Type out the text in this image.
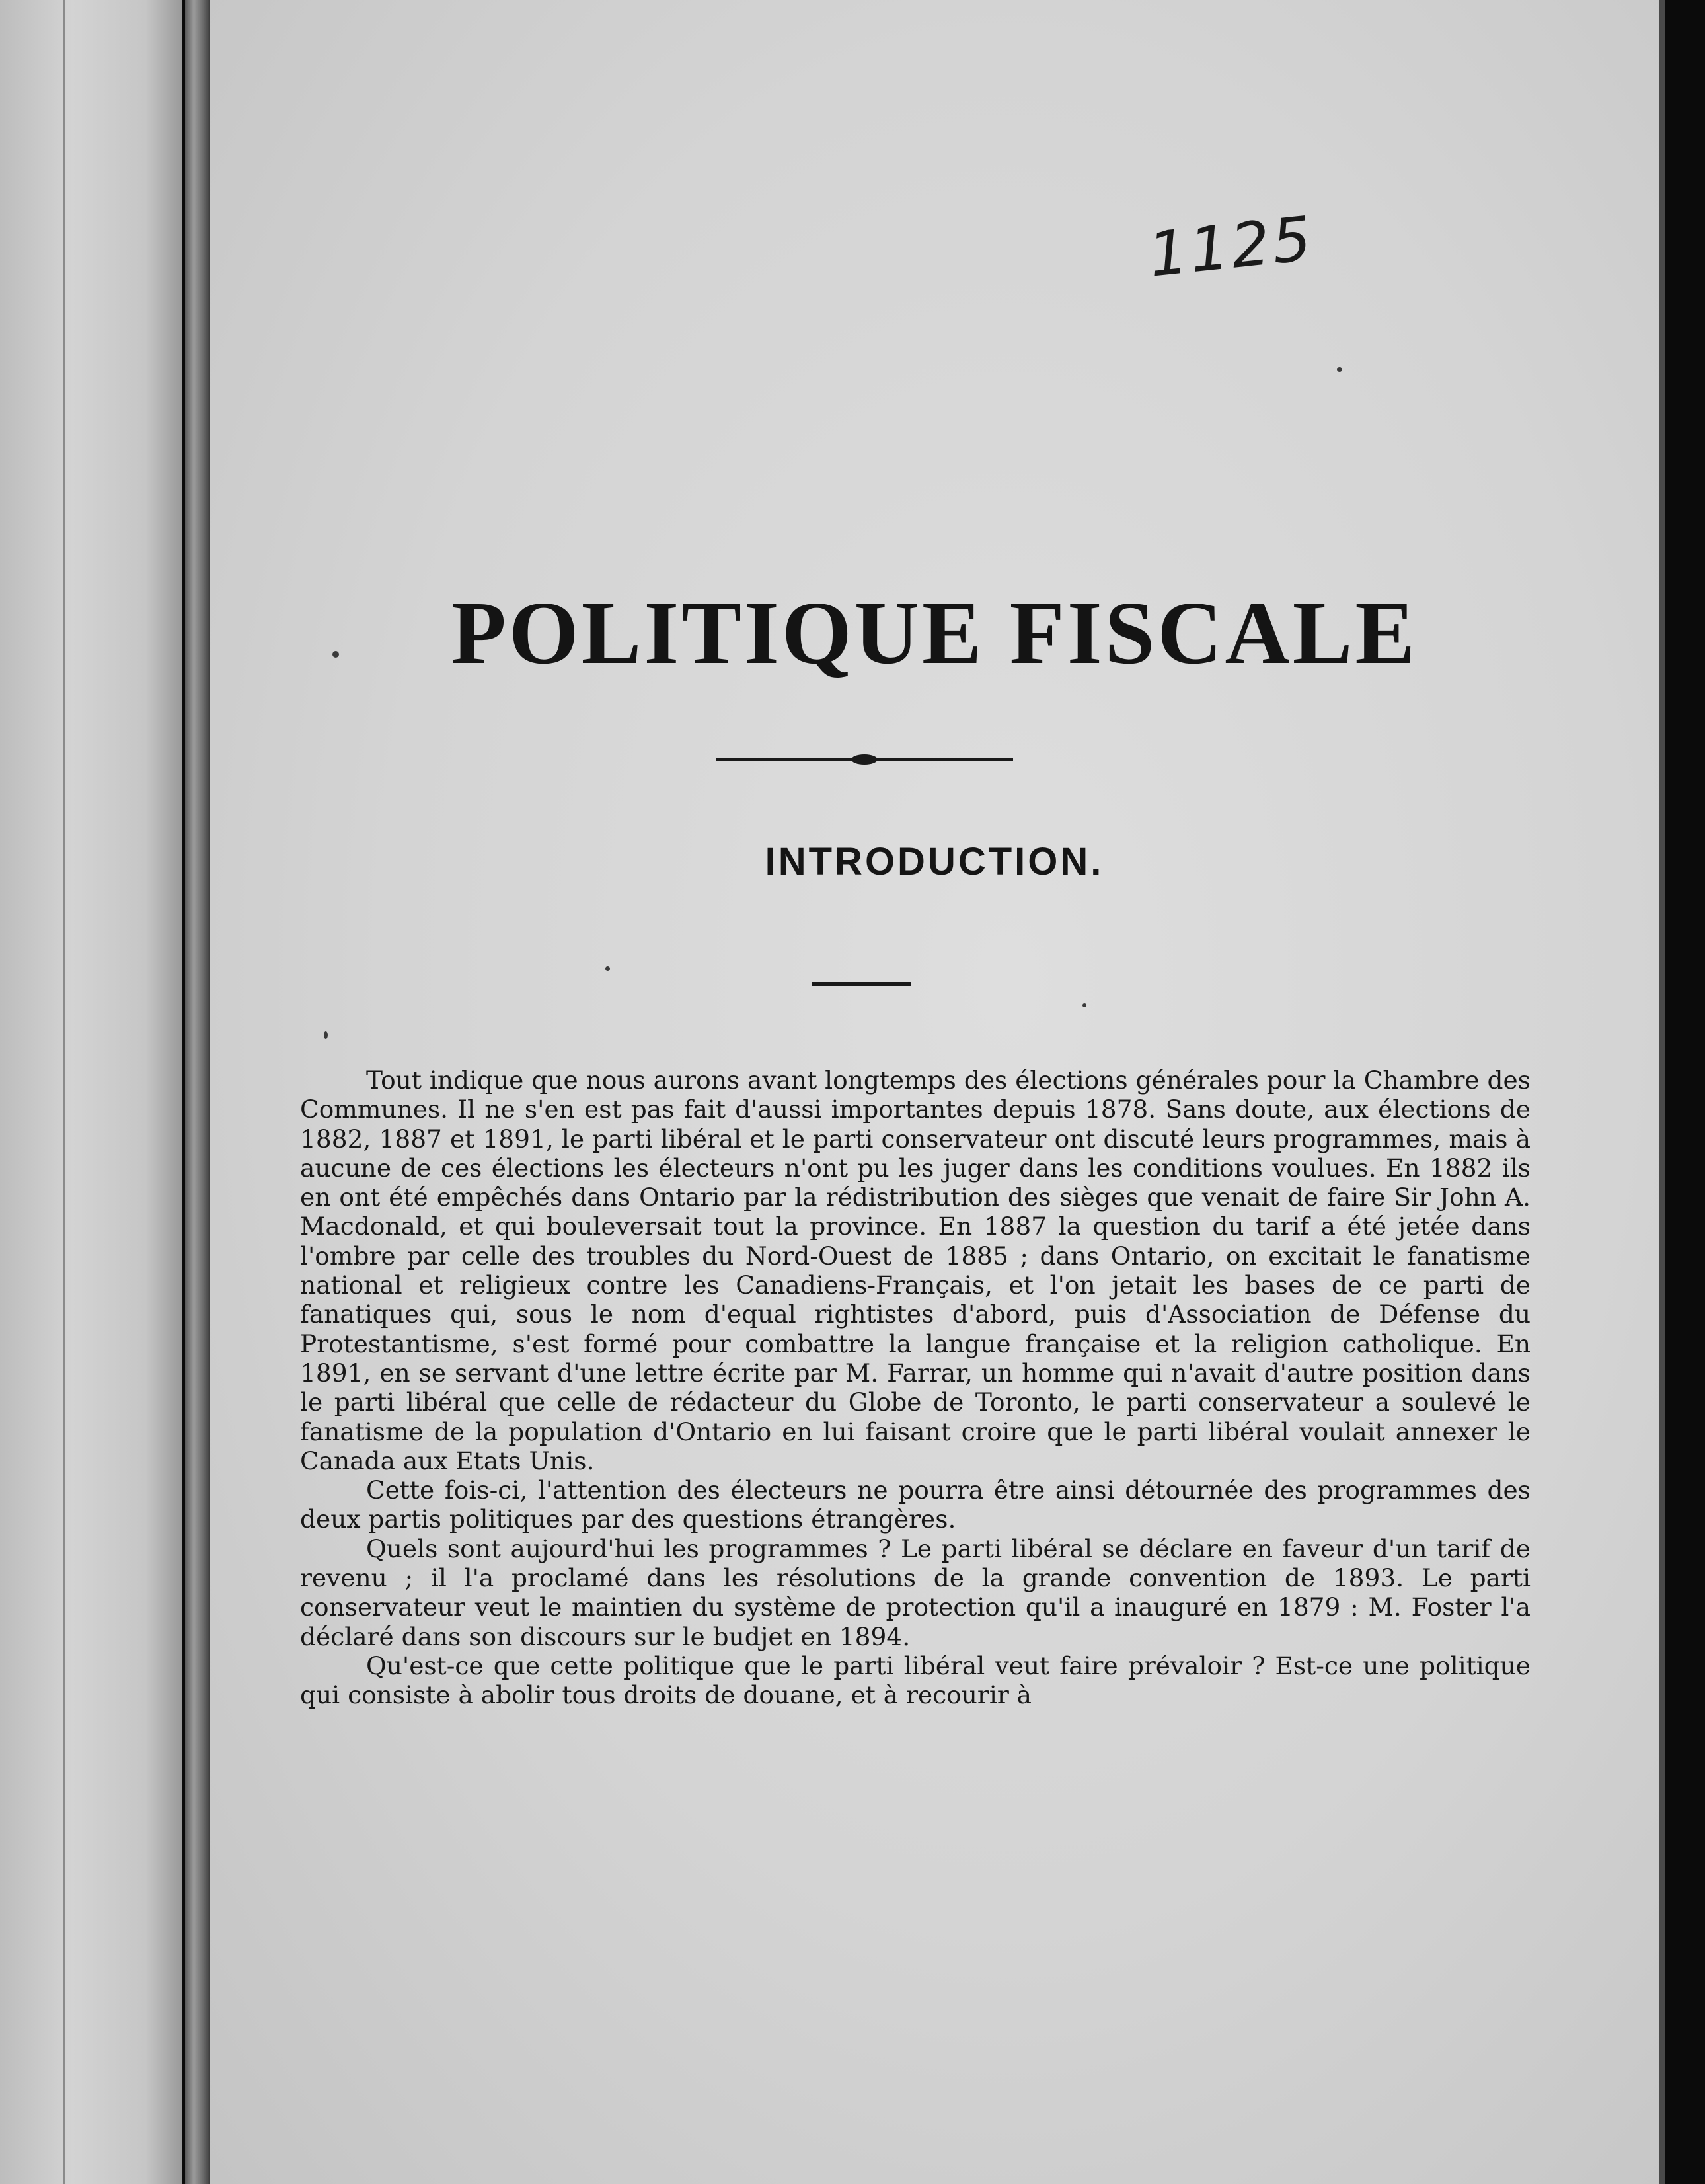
1125
POLITIQUE FISCALE
INTRODUCTION.

Tout indique que nous aurons avant longtemps des élections générales pour la Chambre des Communes. Il ne s'en est pas fait d'aussi importantes depuis 1878. Sans doute, aux élections de 1882, 1887 et 1891, le parti libéral et le parti conservateur ont discuté leurs programmes, mais à aucune de ces élections les électeurs n'ont pu les juger dans les conditions voulues. En 1882 ils en ont été empêchés dans Ontario par la rédistribution des sièges que venait de faire Sir John A. Macdonald, et qui bouleversait tout la province. En 1887 la question du tarif a été jetée dans l'ombre par celle des troubles du Nord-Ouest de 1885 ; dans Ontario, on excitait le fanatisme national et religieux contre les Canadiens-Français, et l'on jetait les bases de ce parti de fanatiques qui, sous le nom d'equal rightistes d'abord, puis d'Association de Défense du Protestantisme, s'est formé pour combattre la langue française et la religion catholique. En 1891, en se servant d'une lettre écrite par M. Farrar, un homme qui n'avait d'autre position dans le parti libéral que celle de rédacteur du Globe de Toronto, le parti conservateur a soulevé le fanatisme de la population d'Ontario en lui faisant croire que le parti libéral voulait annexer le Canada aux Etats Unis.

Cette fois-ci, l'attention des électeurs ne pourra être ainsi détournée des programmes des deux partis politiques par des questions étrangères.

Quels sont aujourd'hui les programmes ? Le parti libéral se déclare en faveur d'un tarif de revenu ; il l'a proclamé dans les résolutions de la grande convention de 1893. Le parti conservateur veut le maintien du système de protection qu'il a inauguré en 1879 : M. Foster l'a déclaré dans son discours sur le budjet en 1894.

Qu'est-ce que cette politique que le parti libéral veut faire prévaloir ? Est-ce une politique qui consiste à abolir tous droits de douane, et à recourir à
